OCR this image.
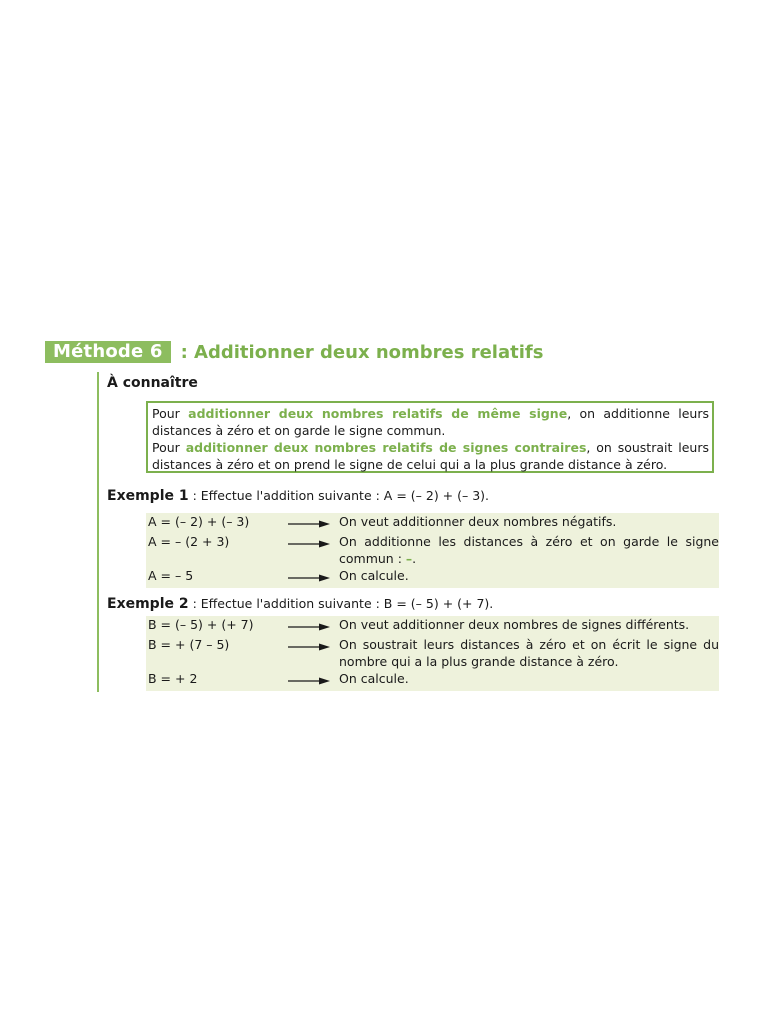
Méthode 6	: Additionner deux nombres relatifs
À connaître

Pour additionner deux nombres relatifs de même signe, on additionne leurs distances à zéro et on garde le signe commun.

Pour additionner deux nombres relatifs de signes contraires, on soustrait leurs distances à zéro et on prend le signe de celui qui a la plus grande distance à zéro.

Exemple 1 : Effectue l'addition suivante : A = (– 2) + (– 3).
A = (– 2) + (– 3)	On veut additionner deux nombres négatifs.
A = – (2 + 3)	On additionne les distances à zéro et on garde le signe commun : –.
A = – 5	On calcule.
Exemple 2 : Effectue l'addition suivante : B = (– 5) + (+ 7).
B = (– 5) + (+ 7)	On veut additionner deux nombres de signes différents.
B = + (7 – 5)	On soustrait leurs distances à zéro et on écrit le signe du nombre qui a la plus grande distance à zéro.
B = + 2	On calcule.
